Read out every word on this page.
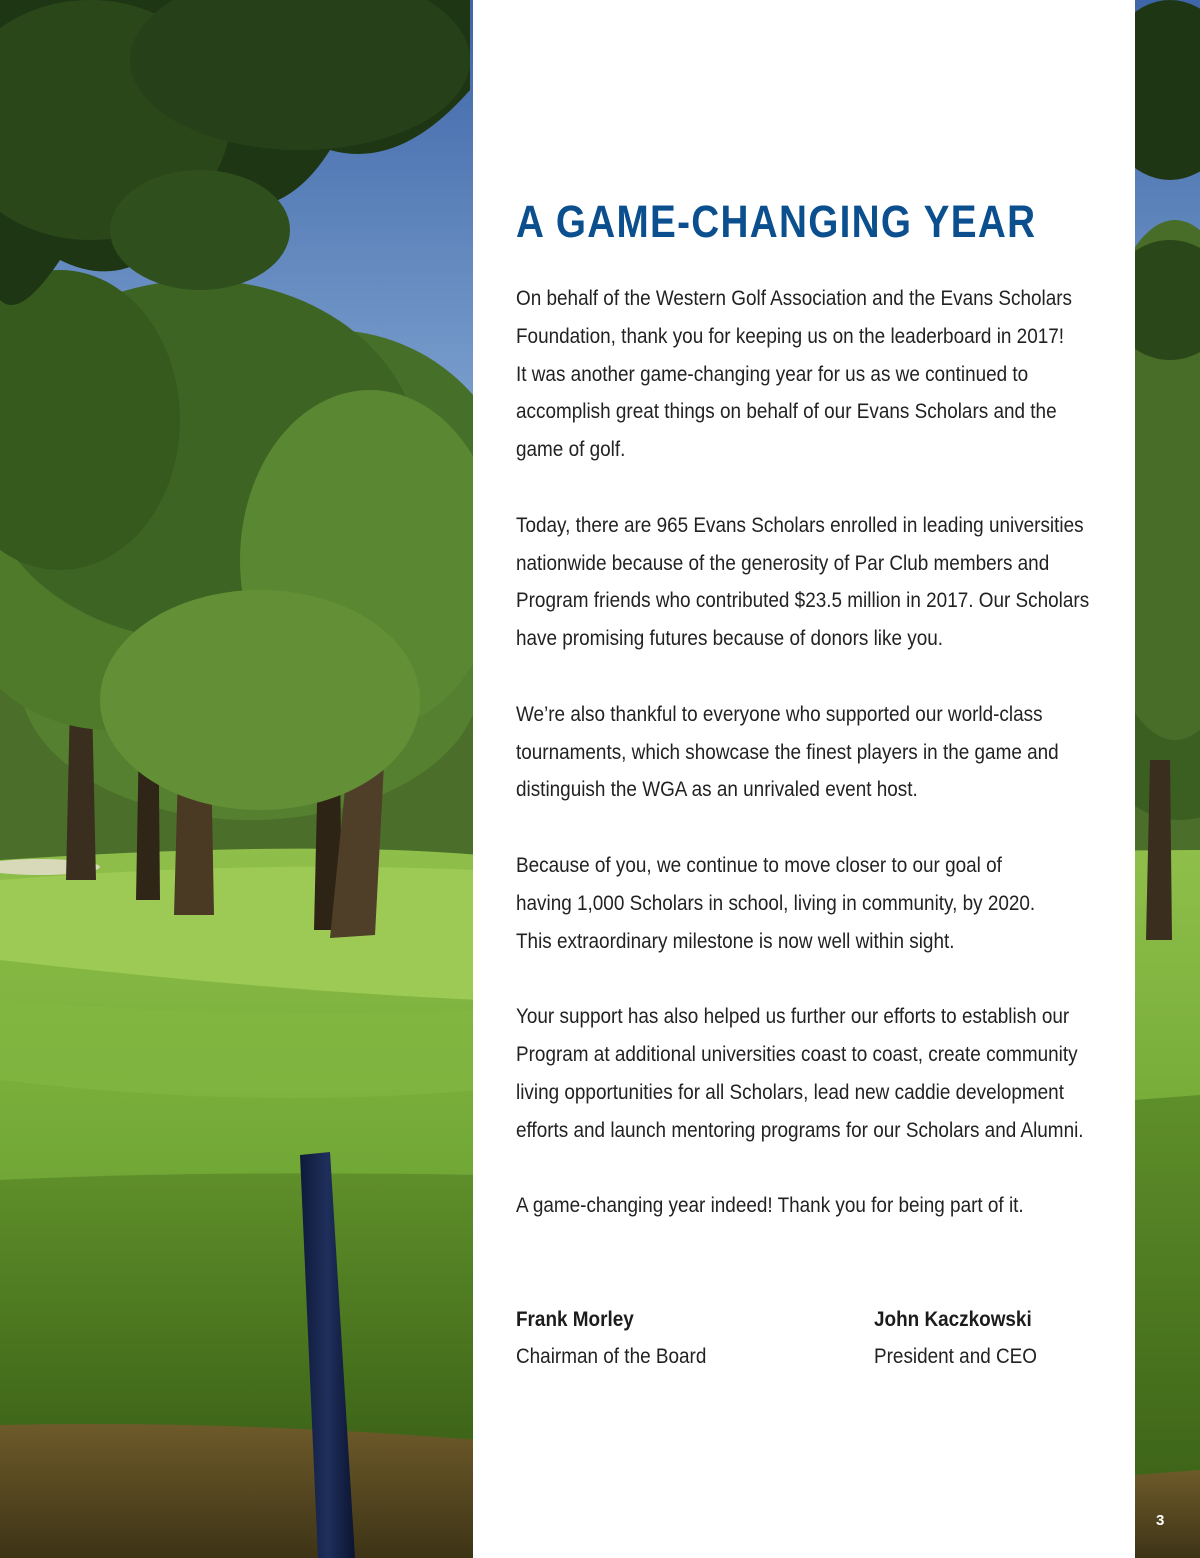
A GAME-CHANGING YEAR

On behalf of the Western Golf Association and the Evans Scholars
Foundation, thank you for keeping us on the leaderboard in 2017!
It was another game-changing year for us as we continued to
accomplish great things on behalf of our Evans Scholars and the
game of golf.

Today, there are 965 Evans Scholars enrolled in leading universities
nationwide because of the generosity of Par Club members and
Program friends who contributed $23.5 million in 2017. Our Scholars
have promising futures because of donors like you.

We’re also thankful to everyone who supported our world-class
tournaments, which showcase the finest players in the game and
distinguish the WGA as an unrivaled event host.

Because of you, we continue to move closer to our goal of
having 1,000 Scholars in school, living in community, by 2020.
This extraordinary milestone is now well within sight.

Your support has also helped us further our efforts to establish our
Program at additional universities coast to coast, create community
living opportunities for all Scholars, lead new caddie development
efforts and launch mentoring programs for our Scholars and Alumni.

A game-changing year indeed! Thank you for being part of it.

Frank Morley
Chairman of the Board
John Kaczkowski
President and CEO
3
